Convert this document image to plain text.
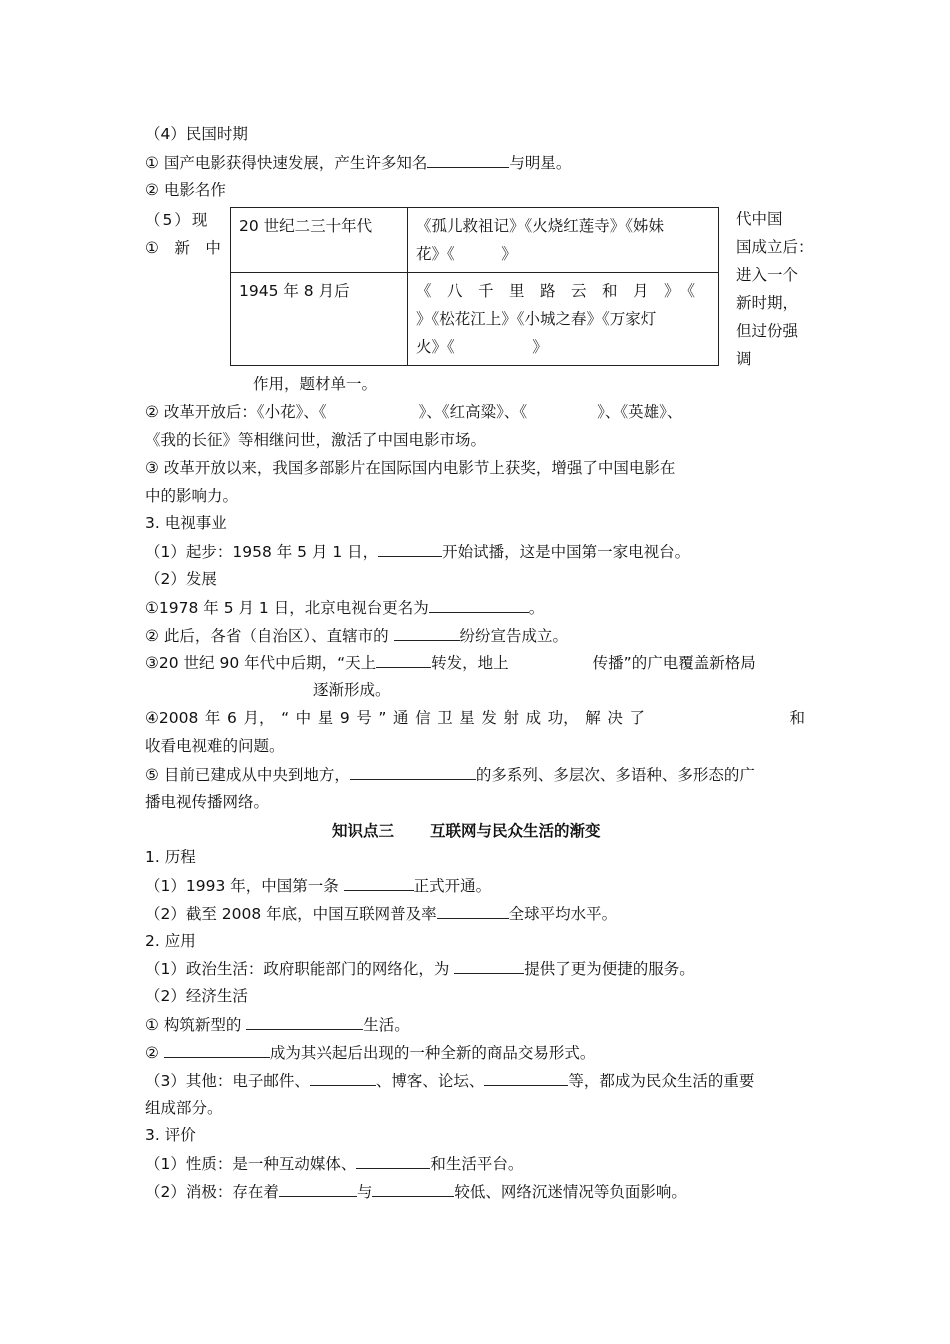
（4）民国时期
① 国产电影获得快速发展，产生许多知名	与明星。
② 电影名作
（5）现
①　新　中
20 世纪二三十年代	《孤儿救祖记》《火烧红莲寺》《姊妹
花》《　　　》

1945 年 8 月后	《　八　千　里　路　云　和　月　》　《
》《松花江上》《小城之春》《万家灯
火》《　　　　　》
代中国
国成立后：
进入一个
新时期，
但过份强
调
作用，题材单一。
② 改革开放后：《小花》、《	》、《红高粱》、《	》、《英雄》、
《我的长征》等相继问世，激活了中国电影市场。
③ 改革开放以来，我国多部影片在国际国内电影节上获奖，增强了中国电影在
中的影响力。
3. 电视事业
（1）起步：1958 年 5 月 1 日，	开始试播，这是中国第一家电视台。
（2）发展
①1978 年 5 月 1 日，北京电视台更名为	。
② 此后，各省（自治区）、直辖市的	纷纷宣告成立。
③20 世纪 90 年代中后期，“天上	转发，地上	传播”的广电覆盖新格局
逐渐形成。
④2008 年 6 月， “ 中 星 9 号 ” 通 信 卫 星 发 射 成 功， 解 决 了	和
收看电视难的问题。
⑤ 目前已建成从中央到地方，	的多系列、多层次、多语种、多形态的广
播电视传播网络。
知识点三 互联网与民众生活的渐变
1. 历程
（1）1993 年，中国第一条	正式开通。
（2）截至 2008 年底，中国互联网普及率	全球平均水平。
2. 应用
（1）政治生活：政府职能部门的网络化，为	提供了更为便捷的服务。
（2）经济生活
① 构筑新型的	生活。
②	成为其兴起后出现的一种全新的商品交易形式。
（3）其他：电子邮件、	、博客、论坛、	等，都成为民众生活的重要
组成部分。
3. 评价
（1）性质：是一种互动媒体、	和生活平台。
（2）消极：存在着	与	较低、网络沉迷情况等负面影响。
